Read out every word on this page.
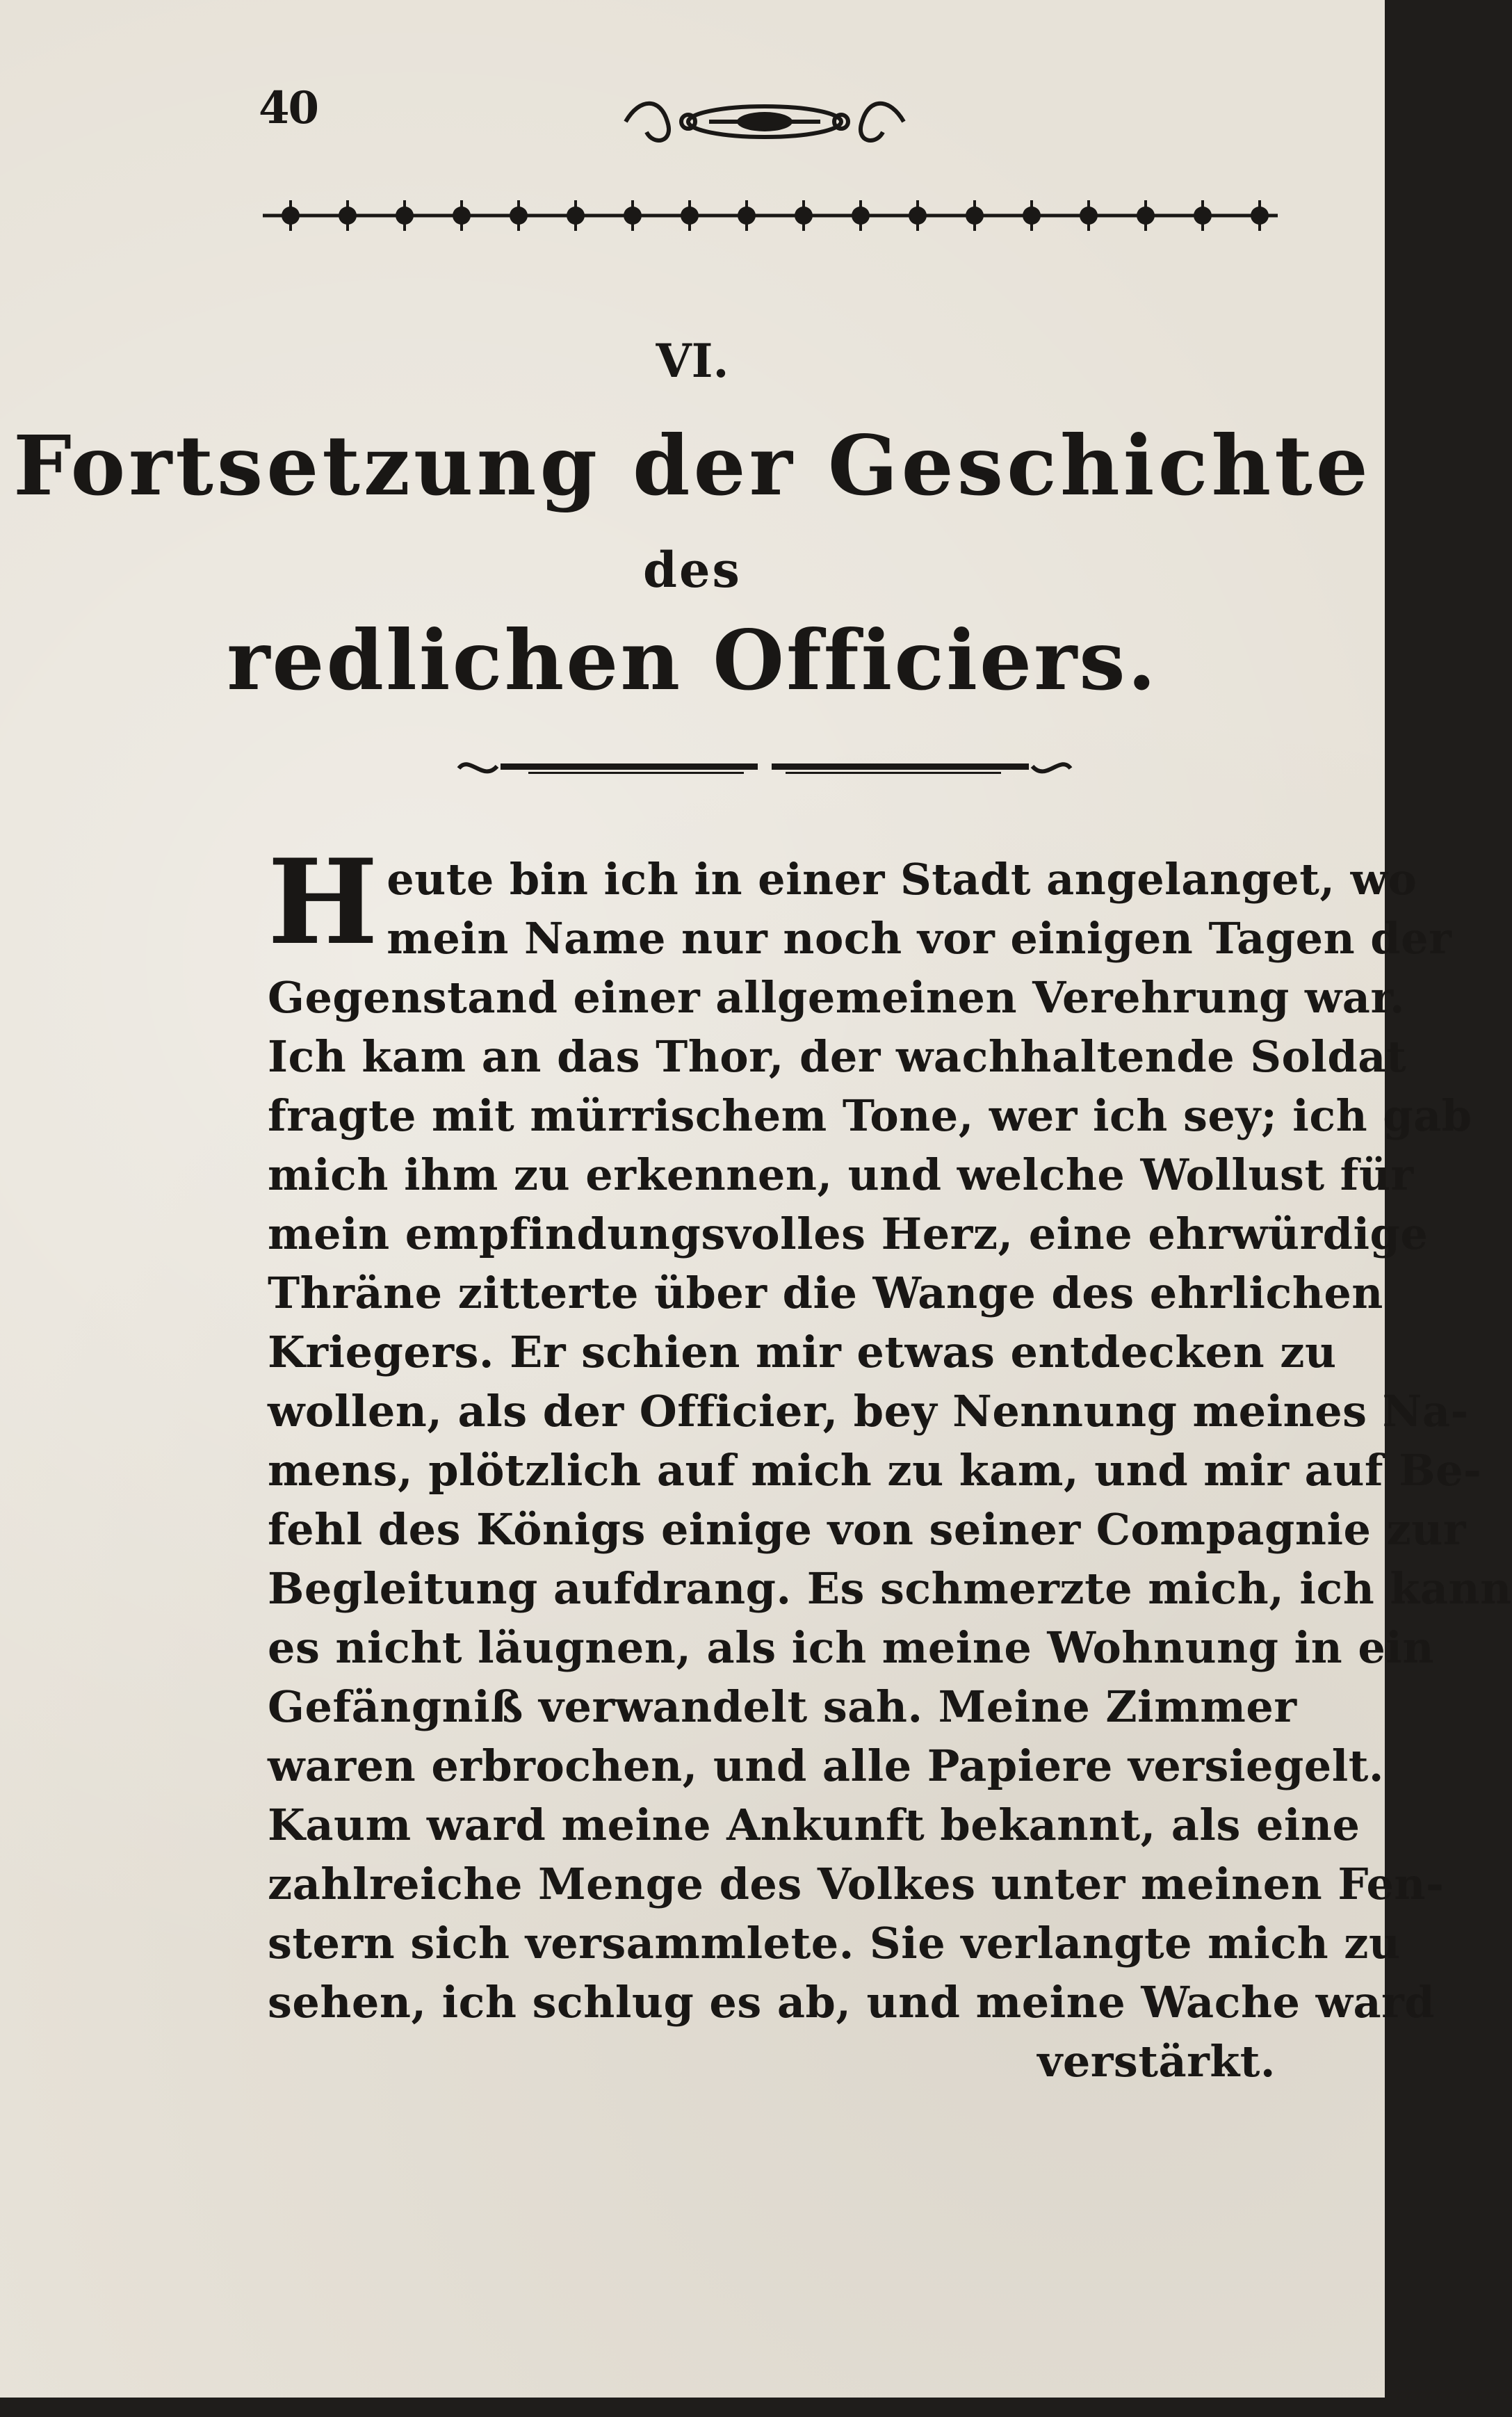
40
VI.
Fortsetzung der Geschichte
des
redlichen Officiers.
H eute bin ich in einer Stadt angelanget, wo
mein Name nur noch vor einigen Tagen der
Gegenstand einer allgemeinen Verehrung war.
Ich kam an das Thor, der wachhaltende Soldat
fragte mit mürrischem Tone, wer ich sey; ich gab
mich ihm zu erkennen, und welche Wollust für
mein empfindungsvolles Herz, eine ehrwürdige
Thräne zitterte über die Wange des ehrlichen
Kriegers. Er schien mir etwas entdecken zu
wollen, als der Officier, bey Nennung meines Na-
mens, plötzlich auf mich zu kam, und mir auf Be-
fehl des Königs einige von seiner Compagnie zur
Begleitung aufdrang. Es schmerzte mich, ich kann
es nicht läugnen, als ich meine Wohnung in ein
Gefängniß verwandelt sah. Meine Zimmer
waren erbrochen, und alle Papiere versiegelt.
Kaum ward meine Ankunft bekannt, als eine
zahlreiche Menge des Volkes unter meinen Fen-
stern sich versammlete. Sie verlangte mich zu
sehen, ich schlug es ab, und meine Wache ward
verstärkt.
